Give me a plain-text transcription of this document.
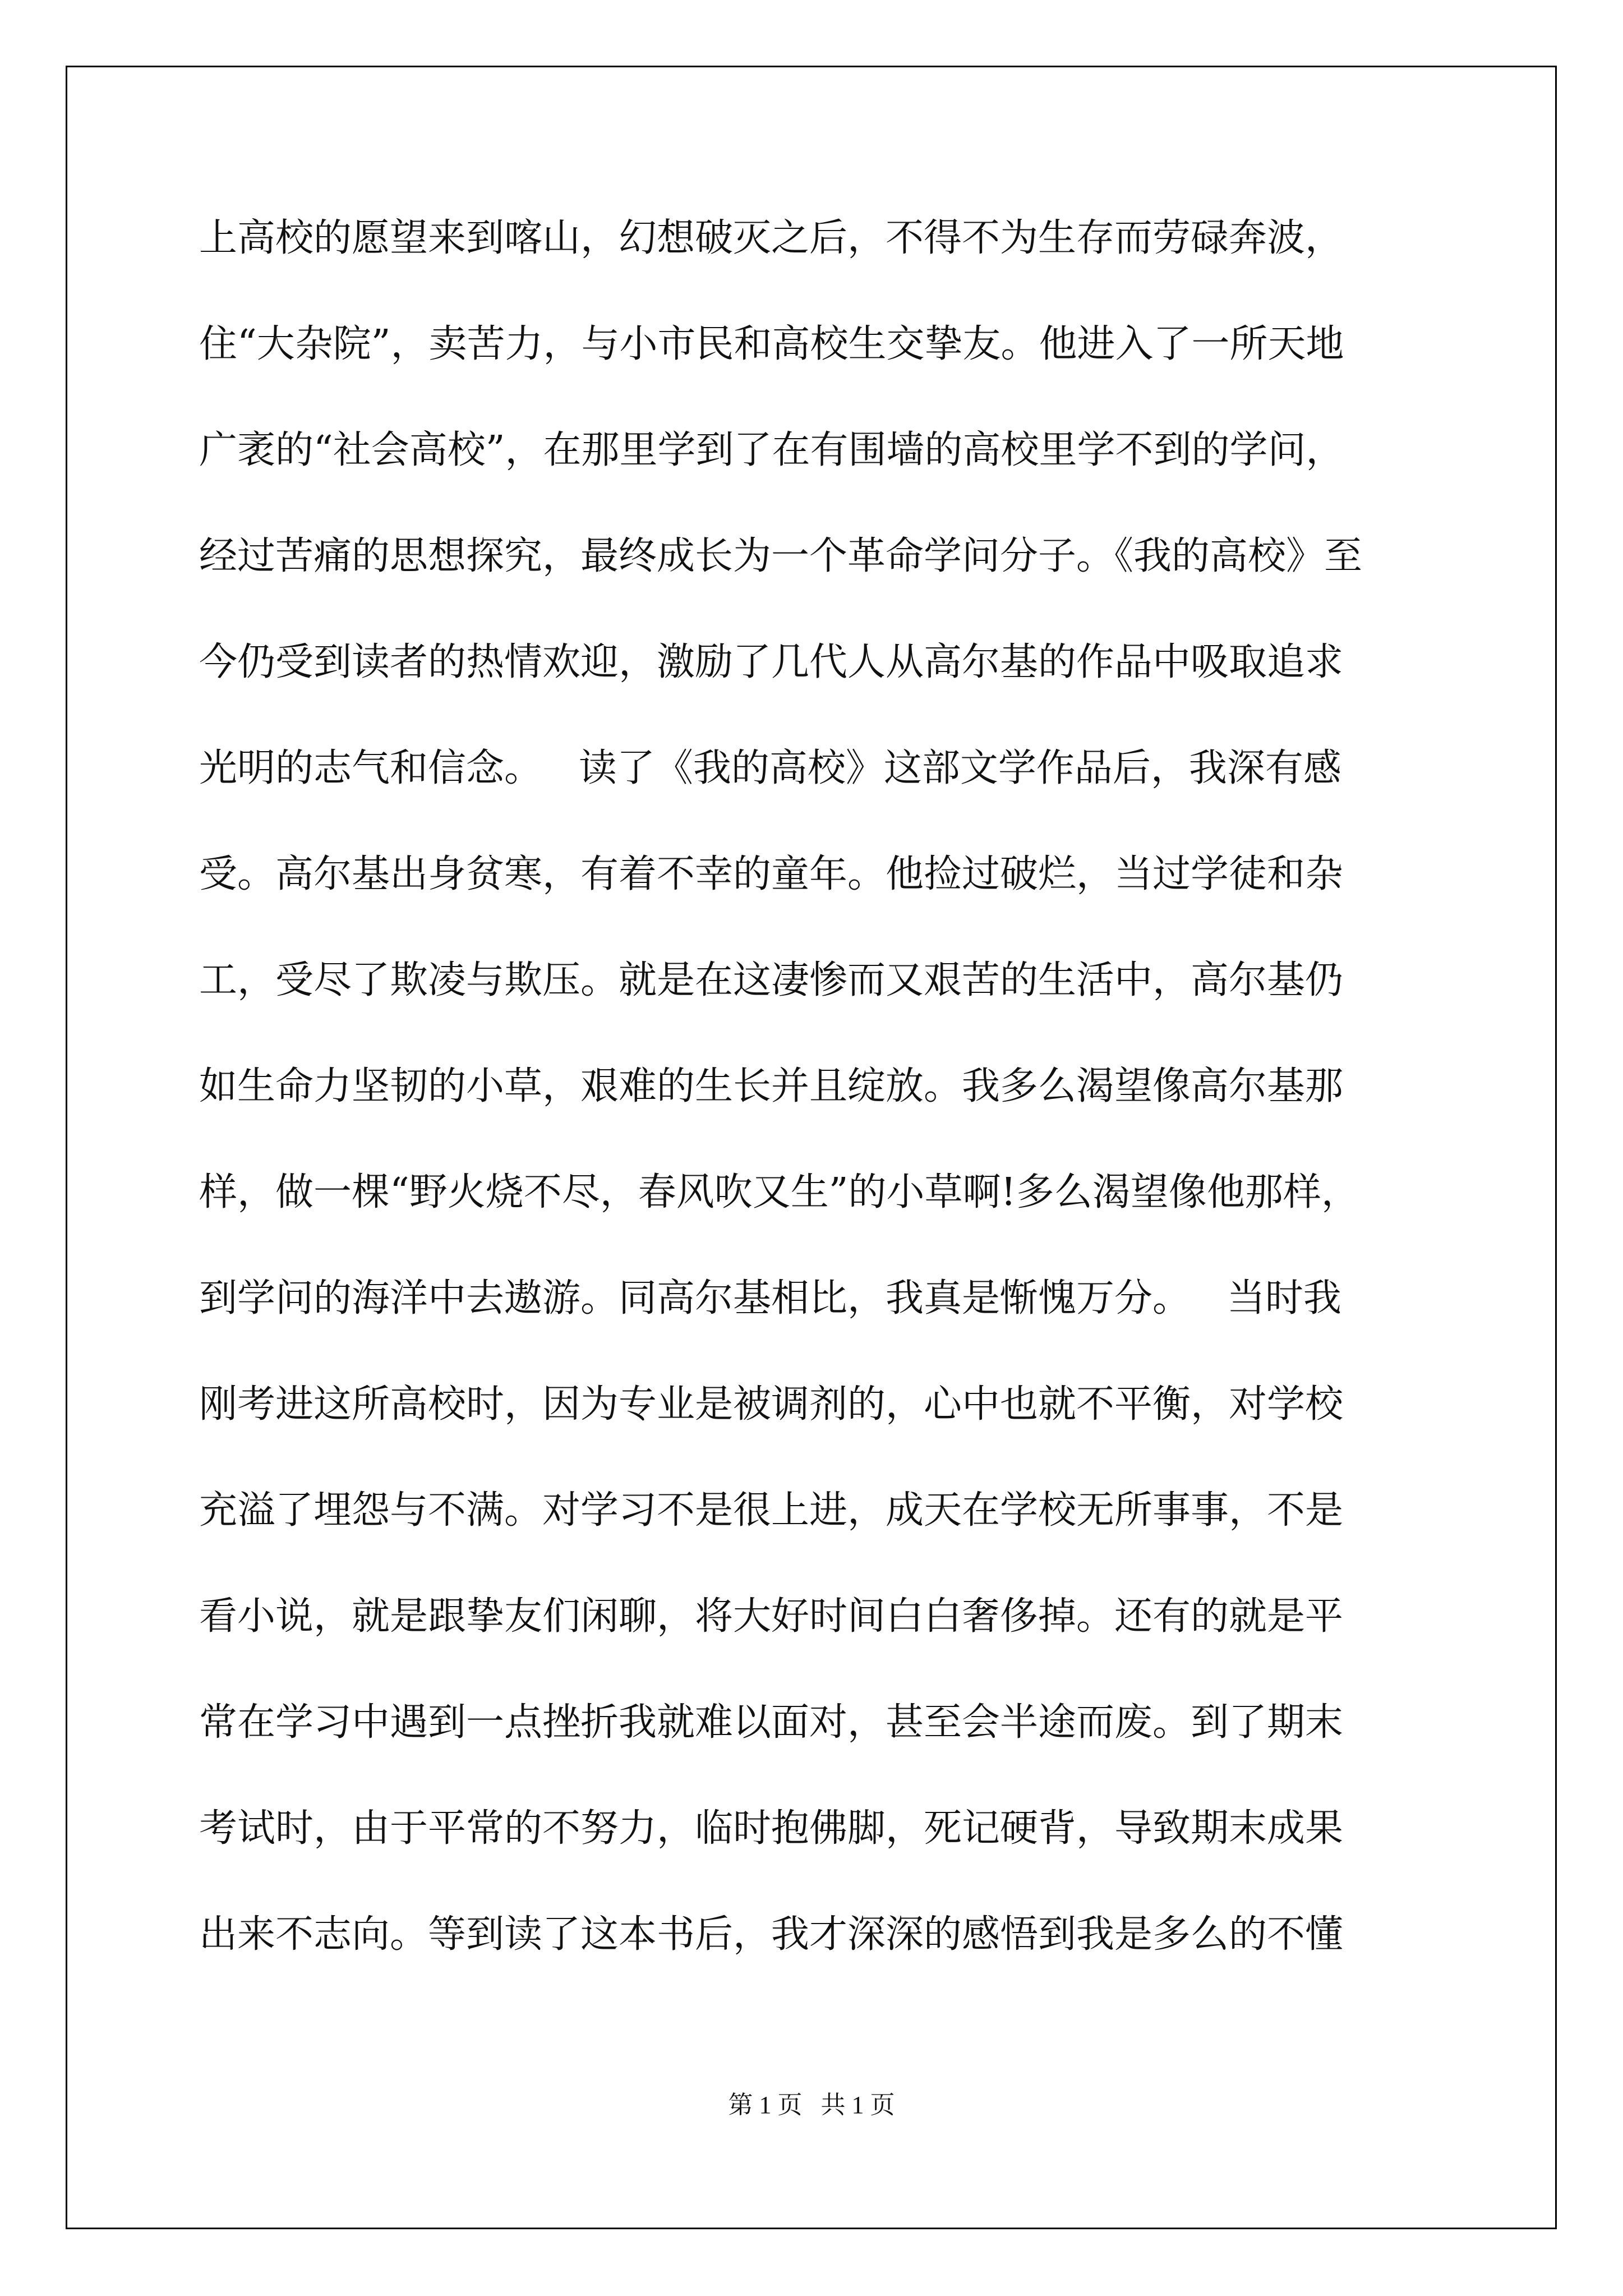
上高校的愿望来到喀山，幻想破灭之后，不得不为生存而劳碌奔波，
住“大杂院”，卖苦力，与小市民和高校生交挚友。他进入了一所天地
广袤的“社会高校”，在那里学到了在有围墙的高校里学不到的学问，
经过苦痛的思想探究，最终成长为一个革命学问分子。《我的高校》至
今仍受到读者的热情欢迎，激励了几代人从高尔基的作品中吸取追求
光明的志气和信念。   读了《我的高校》这部文学作品后，我深有感
受。高尔基出身贫寒，有着不幸的童年。他捡过破烂，当过学徒和杂
工，受尽了欺凌与欺压。就是在这凄惨而又艰苦的生活中，高尔基仍
如生命力坚韧的小草，艰难的生长并且绽放。我多么渴望像高尔基那
样，做一棵“野火烧不尽，春风吹又生”的小草啊!多么渴望像他那样，
到学问的海洋中去遨游。同高尔基相比，我真是惭愧万分。   当时我
刚考进这所高校时，因为专业是被调剂的，心中也就不平衡，对学校
充溢了埋怨与不满。对学习不是很上进，成天在学校无所事事，不是
看小说，就是跟挚友们闲聊，将大好时间白白奢侈掉。还有的就是平
常在学习中遇到一点挫折我就难以面对，甚至会半途而废。到了期末
考试时，由于平常的不努力，临时抱佛脚，死记硬背，导致期末成果
出来不志向。等到读了这本书后，我才深深的感悟到我是多么的不懂
第 1 页   共 1 页
